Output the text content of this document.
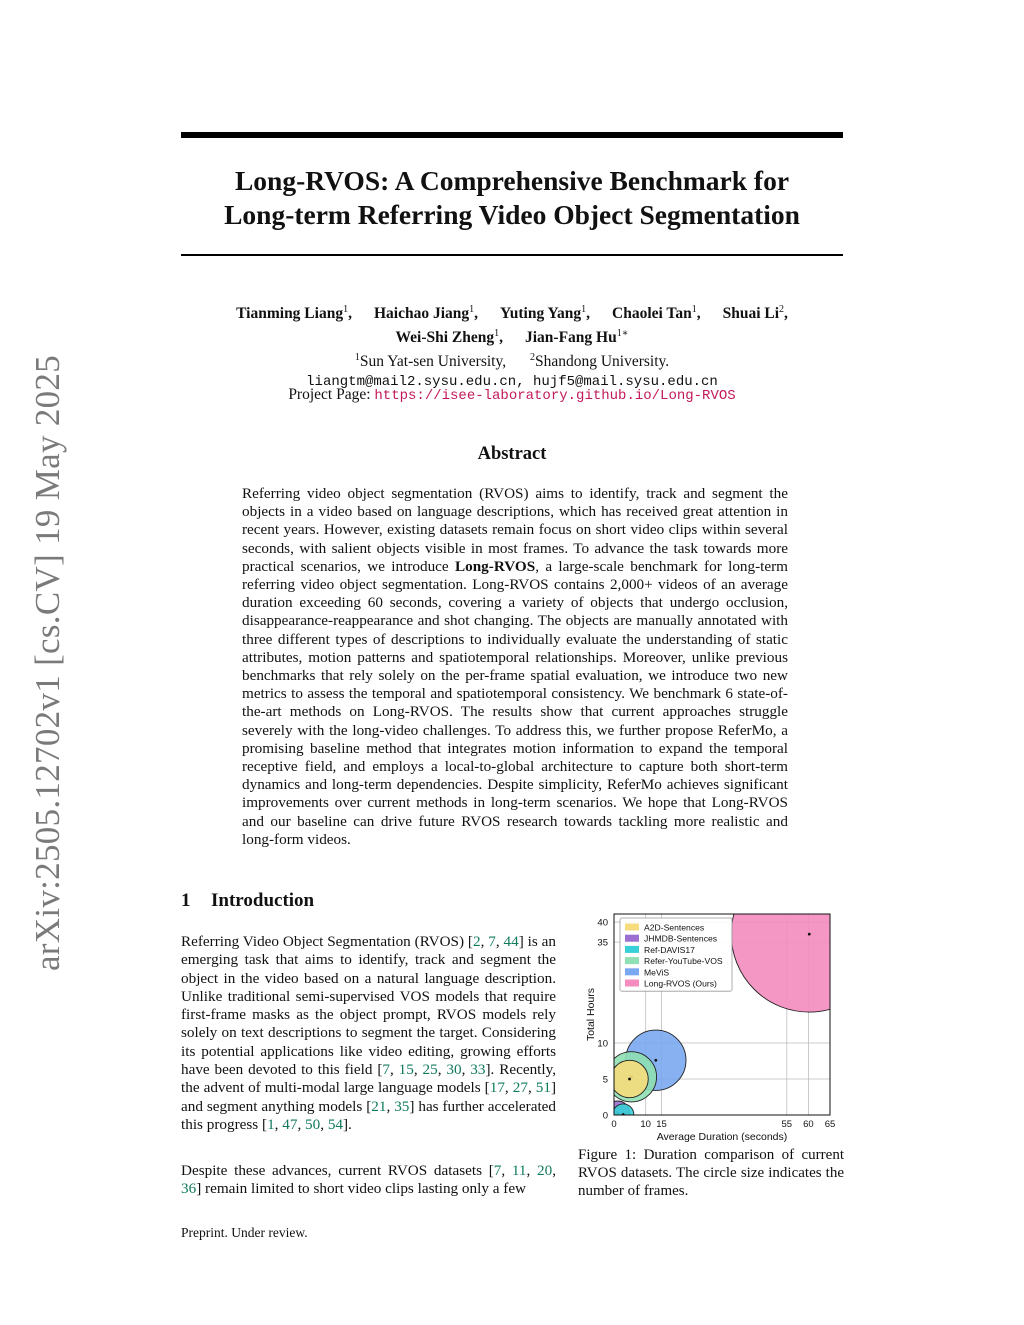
arXiv:2505.12702v1 [cs.CV] 19 May 2025
Long-RVOS: A Comprehensive Benchmark for
Long-term Referring Video Object Segmentation
Tianming Liang$^1$, Haichao Jiang$^1$, Yuting Yang$^1$, Chaolei Tan$^1$, Shuai Li$^2$,
Wei-Shi Zheng$^1$, Jian-Fang $Hu^{1∗}$
$^1$Sun Yat-sen University, $^2$Shandong University.
liangtm@mail2.sysu.edu.cn, hujf5@mail.sysu.edu.cn
Project Page: https://isee-laboratory.github.io/Long-RVOS
Abstract
Referring video object segmentation (RVOS) aims to identify, track and segment the objects in a video based on language descriptions, which has received great attention in recent years. However, existing datasets remain focus on short video clips within several seconds, with salient objects visible in most frames. To advance the task towards more practical scenarios, we introduce Long-RVOS, a large-scale benchmark for long-term referring video object segmentation. Long-RVOS contains 2,000+ videos of an average duration exceeding 60 seconds, covering a variety of objects that undergo occlusion, disappearance-reappearance and shot changing. The objects are manually annotated with three different types of descriptions to individually evaluate the understanding of static attributes, motion patterns and spatiotemporal relationships. Moreover, unlike previous benchmarks that rely solely on the per-frame spatial evaluation, we introduce two new metrics to assess the temporal and spatiotemporal consistency. We benchmark 6 state-of-the-art methods on Long-RVOS. The results show that current approaches struggle severely with the long-video challenges. To address this, we further propose ReferMo, a promising baseline method that integrates motion information to expand the temporal receptive field, and employs a local-to-global architecture to capture both short-term dynamics and long-term dependencies. Despite simplicity, ReferMo achieves significant improvements over current methods in long-term scenarios. We hope that Long-RVOS and our baseline can drive future RVOS research towards tackling more realistic and long-form videos.
1 Introduction

Referring Video Object Segmentation (RVOS) [2, 7, 44] is an emerging task that aims to identify, track and segment the object in the video based on a natural language description. Unlike traditional semi-supervised VOS models that require first-frame masks as the object prompt, RVOS models rely solely on text descriptions to segment the target. Considering its potential applications like video editing, growing efforts have been devoted to this field [7, 15, 25, 30, 33]. Recently, the advent of multi-modal large language models [17, 27, 51] and segment anything models [21, 35] has further accelerated this progress [1, 47, 50, 54].

Despite these advances, current RVOS datasets [7, 11, 20, 36] remain limited to short video clips lasting only a few

0 10 15	55 60 65
0
5
10
35
40
Average Duration (seconds)
Total Hours
A2D-Sentences
JHMDB-Sentences
Ref-DAVIS17
Refer-YouTube-VOS
MeViS
Long-RVOS (Ours)

Figure 1: Duration comparison of current RVOS datasets. The circle size indicates the number of frames.

Preprint. Under review.
